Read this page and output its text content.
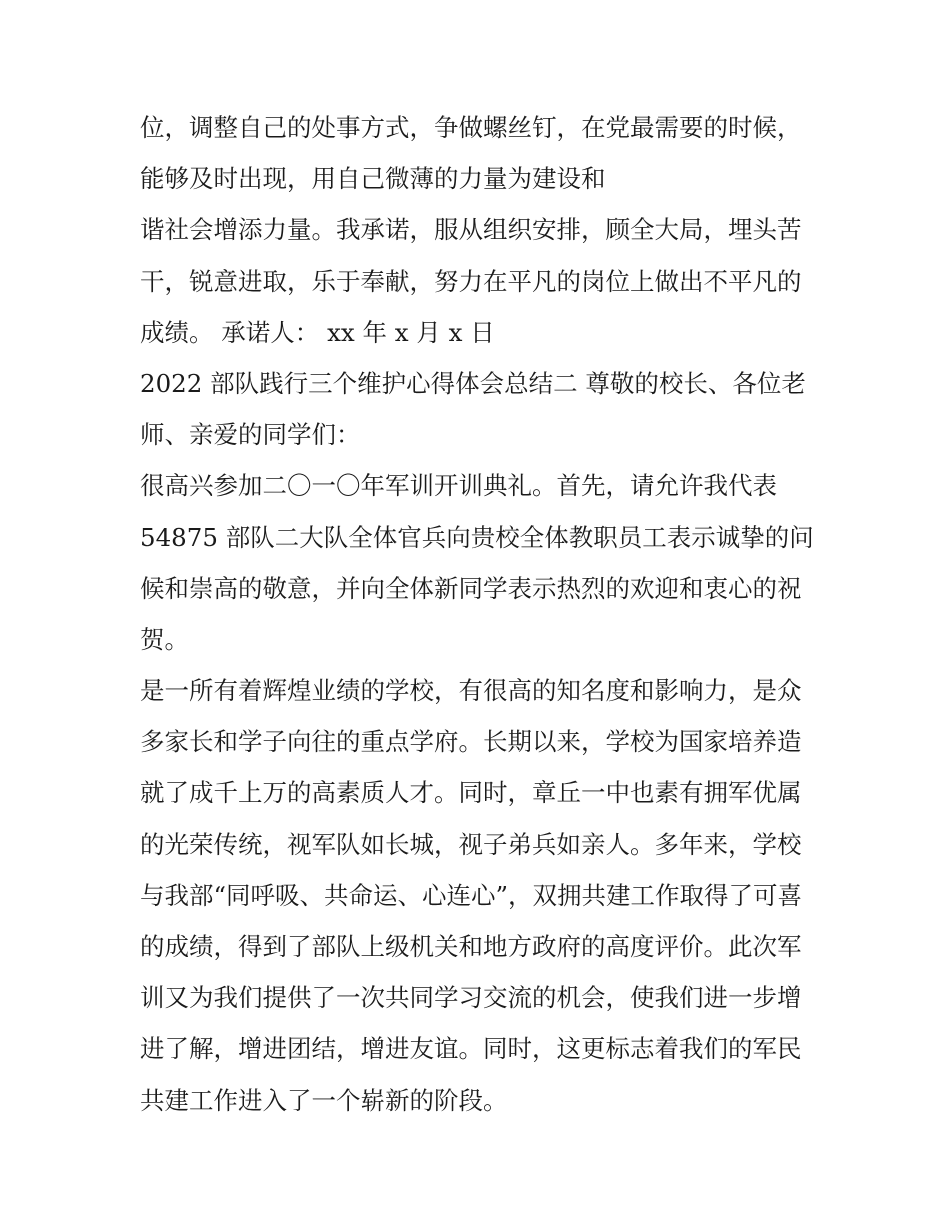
位，调整自己的处事方式，争做螺丝钉，在党最需要的时候，
能够及时出现，用自己微薄的力量为建设和
谐社会增添力量。我承诺，服从组织安排，顾全大局，埋头苦
干，锐意进取，乐于奉献，努力在平凡的岗位上做出不平凡的
成绩。 承诺人： xx 年 x 月 x 日
2022 部队践行三个维护心得体会总结二 尊敬的校长、各位老
师、亲爱的同学们：
很高兴参加二〇一〇年军训开训典礼。首先，请允许我代表
54875 部队二大队全体官兵向贵校全体教职员工表示诚挚的问
候和崇高的敬意，并向全体新同学表示热烈的欢迎和衷心的祝
贺。
是一所有着辉煌业绩的学校，有很高的知名度和影响力，是众
多家长和学子向往的重点学府。长期以来，学校为国家培养造
就了成千上万的高素质人才。同时，章丘一中也素有拥军优属
的光荣传统，视军队如长城，视子弟兵如亲人。多年来，学校
与我部“同呼吸、共命运、心连心”，双拥共建工作取得了可喜
的成绩，得到了部队上级机关和地方政府的高度评价。此次军
训又为我们提供了一次共同学习交流的机会，使我们进一步增
进了解，增进团结，增进友谊。同时，这更标志着我们的军民
共建工作进入了一个崭新的阶段。
